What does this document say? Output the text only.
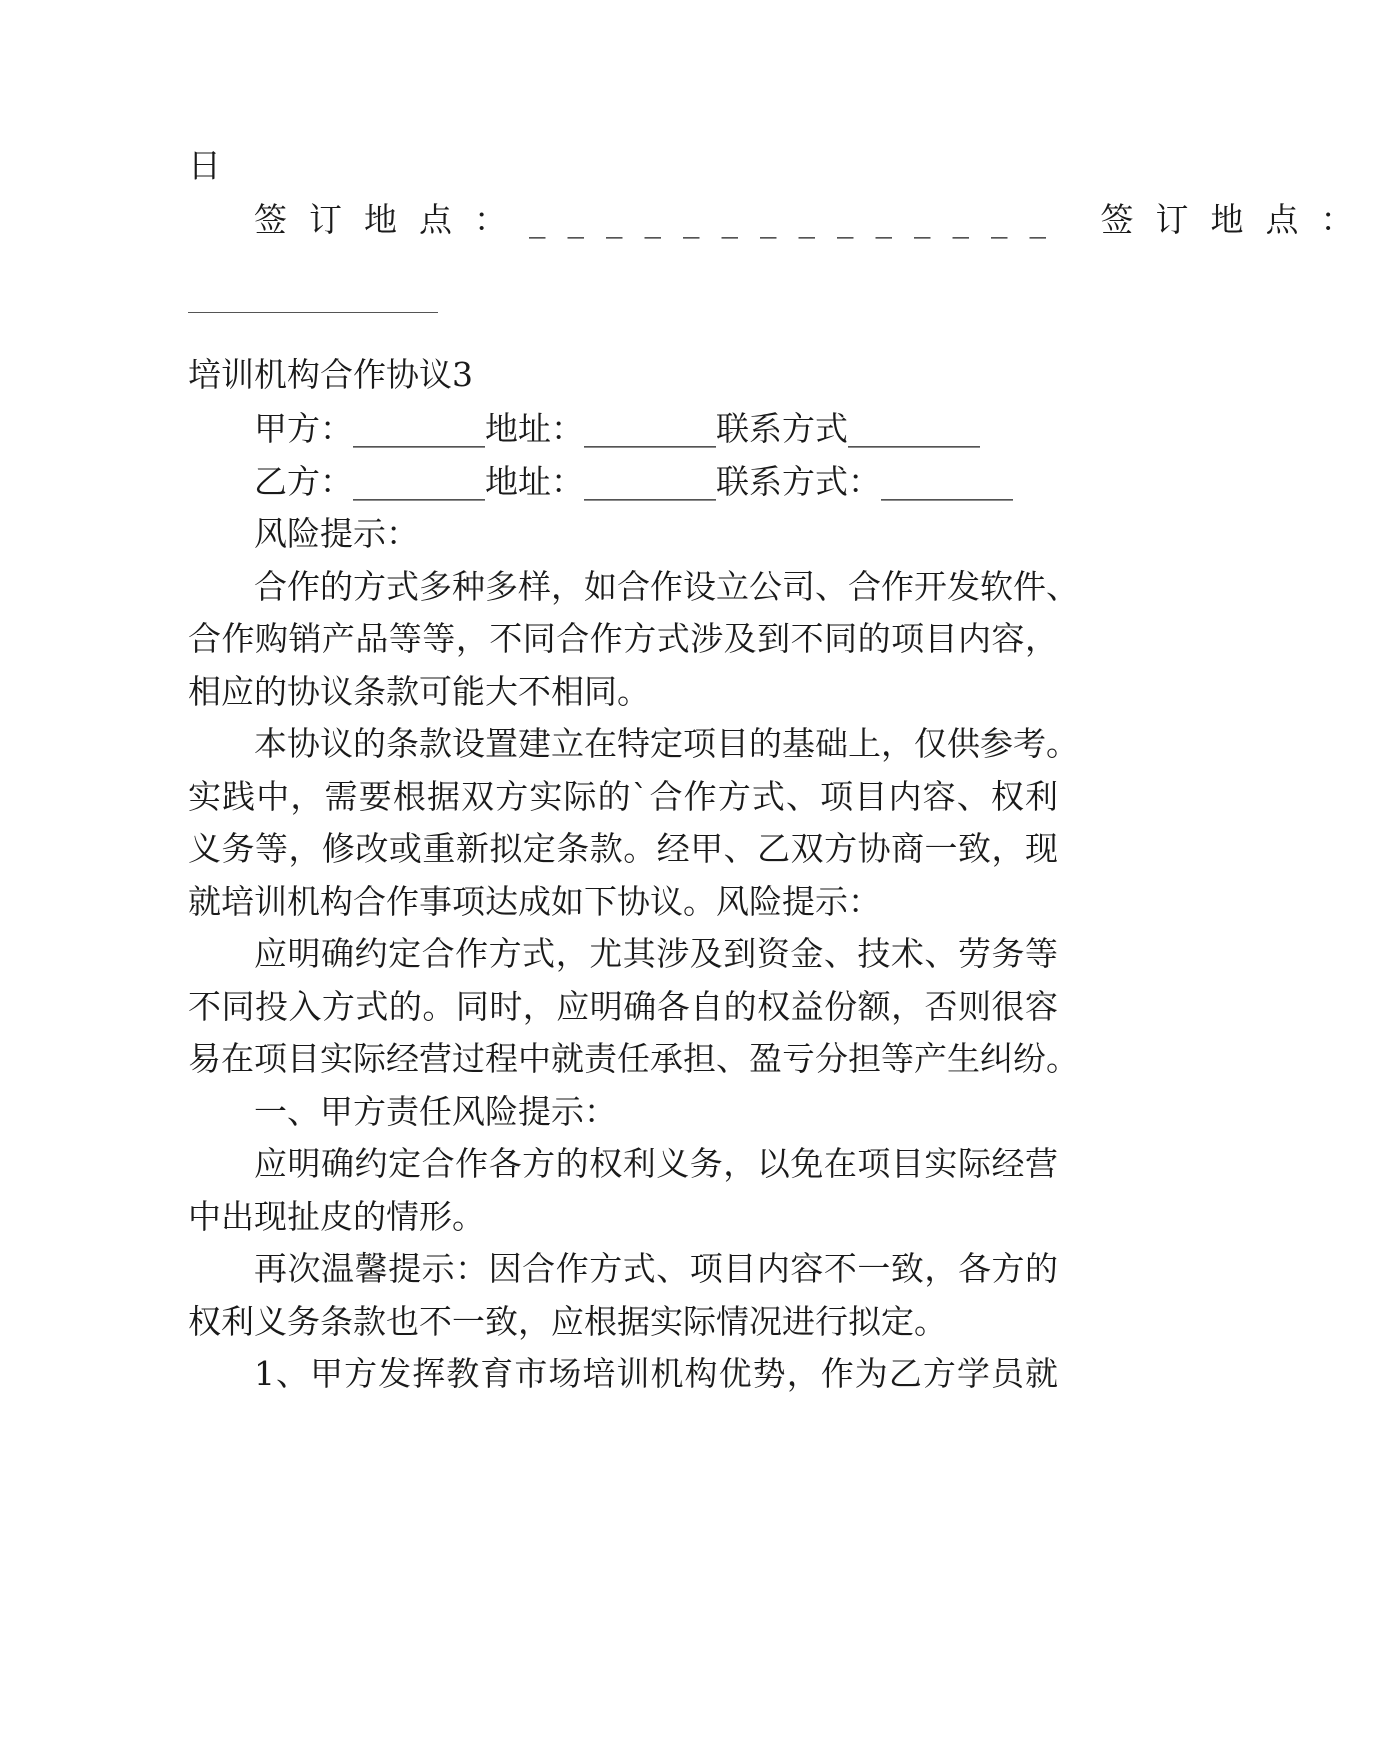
日
签订地点：______________ 签订地点：
培训机构合作协议3
甲方：________地址：________联系方式________
乙方：________地址：________联系方式：________
风险提示：
合作的方式多种多样，如合作设立公司、合作开发软件、
合作购销产品等等，不同合作方式涉及到不同的项目内容，
相应的协议条款可能大不相同。
本协议的条款设置建立在特定项目的基础上，仅供参考。
实践中，需要根据双方实际的`合作方式、项目内容、权利
义务等，修改或重新拟定条款。经甲、乙双方协商一致，现
就培训机构合作事项达成如下协议。风险提示：
应明确约定合作方式，尤其涉及到资金、技术、劳务等
不同投入方式的。同时，应明确各自的权益份额，否则很容
易在项目实际经营过程中就责任承担、盈亏分担等产生纠纷。
一、甲方责任风险提示：
应明确约定合作各方的权利义务，以免在项目实际经营
中出现扯皮的情形。
再次温馨提示：因合作方式、项目内容不一致，各方的
权利义务条款也不一致，应根据实际情况进行拟定。
1、甲方发挥教育市场培训机构优势，作为乙方学员就
